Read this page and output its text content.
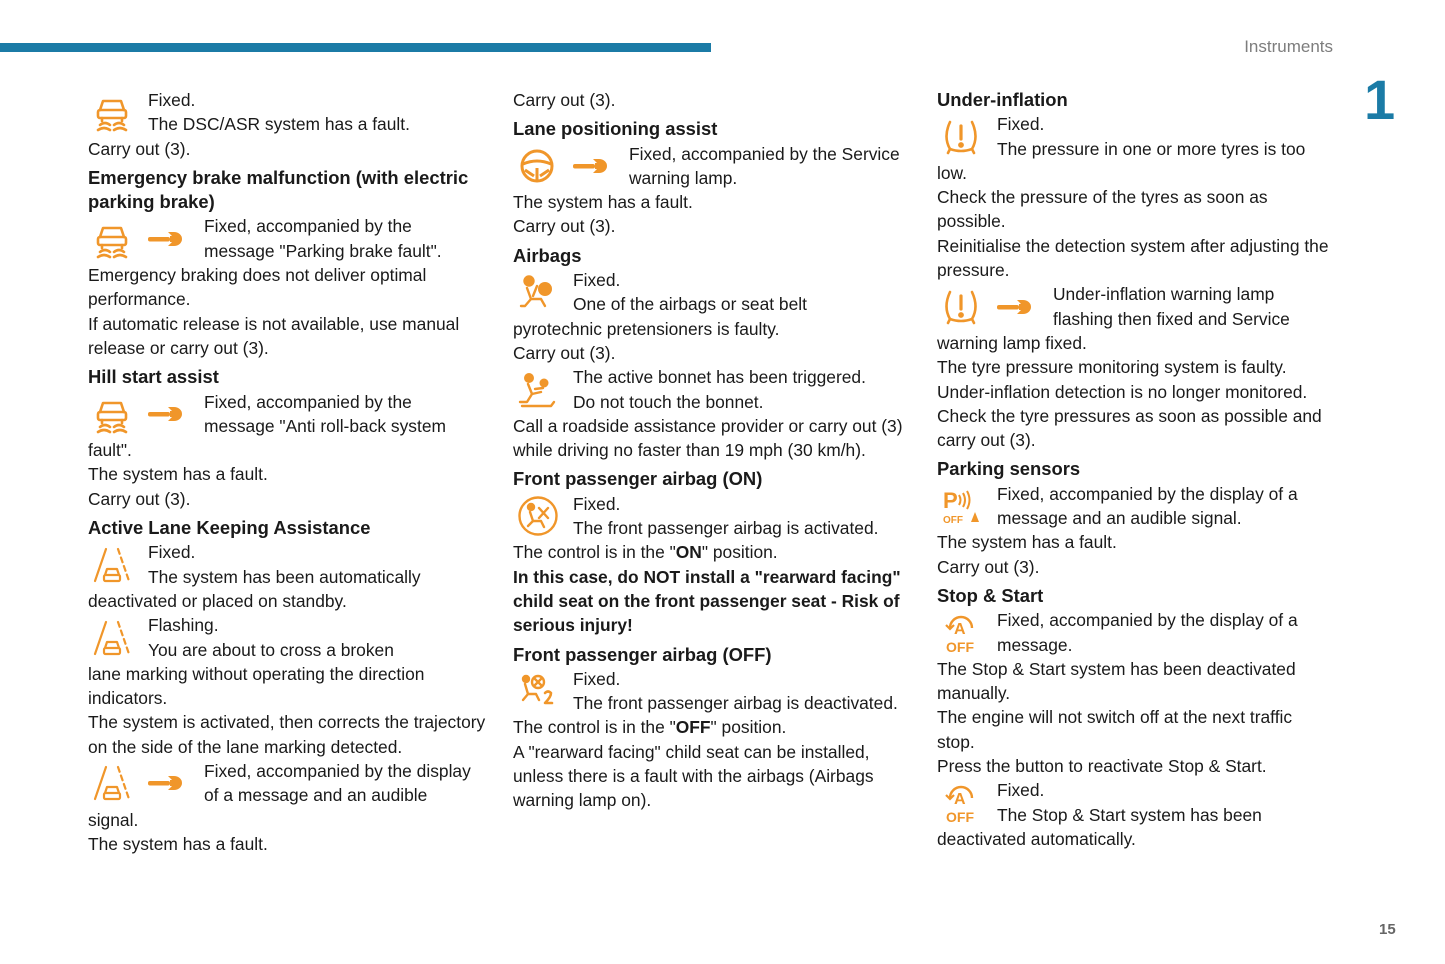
Instruments
1
15

Fixed.

The DSC/ASR system has a fault.

Carry out (3).

Emergency brake malfunction (with electric parking brake)

Fixed, accompanied by the

message "Parking brake fault".

Emergency braking does not deliver optimal performance.

If automatic release is not available, use manual release or carry out (3).

Hill start assist

Fixed, accompanied by the

message "Anti roll-back system

fault".

The system has a fault.

Carry out (3).

Active Lane Keeping Assistance

Fixed.

The system has been automatically

deactivated or placed on standby.

Flashing.

You are about to cross a broken

lane marking without operating the direction indicators.

The system is activated, then corrects the trajectory on the side of the lane marking detected.

Fixed, accompanied by the display

of a message and an audible

signal.

The system has a fault.

Carry out (3).

Lane positioning assist

Fixed, accompanied by the Service

warning lamp.

The system has a fault.

Carry out (3).

Airbags

Fixed.

One of the airbags or seat belt

pyrotechnic pretensioners is faulty.

Carry out (3).

The active bonnet has been triggered.

Do not touch the bonnet.

Call a roadside assistance provider or carry out (3) while driving no faster than 19 mph (30 km/h).

Front passenger airbag (ON)

Fixed.

The front passenger airbag is activated.

The control is in the "ON" position.

In this case, do NOT install a "rearward facing" child seat on the front passenger seat - Risk of serious injury!

Front passenger airbag (OFF)

Fixed.

The front passenger airbag is deactivated.

The control is in the "OFF" position.

A "rearward facing" child seat can be installed, unless there is a fault with the airbags (Airbags warning lamp on).

Under-inflation

Fixed.

The pressure in one or more tyres is too

low.

Check the pressure of the tyres as soon as possible.

Reinitialise the detection system after adjusting the pressure.

Under-inflation warning lamp

flashing then fixed and Service

warning lamp fixed.

The tyre pressure monitoring system is faulty.

Under-inflation detection is no longer monitored.

Check the tyre pressures as soon as possible and carry out (3).

Parking sensors
P
OFF

Fixed, accompanied by the display of a

message and an audible signal.

The system has a fault.

Carry out (3).

Stop & Start
A
OFF

Fixed, accompanied by the display of a

message.

The Stop & Start system has been deactivated manually.

The engine will not switch off at the next traffic stop.

Press the button to reactivate Stop & Start.

A
OFF

Fixed.

The Stop & Start system has been

deactivated automatically.
